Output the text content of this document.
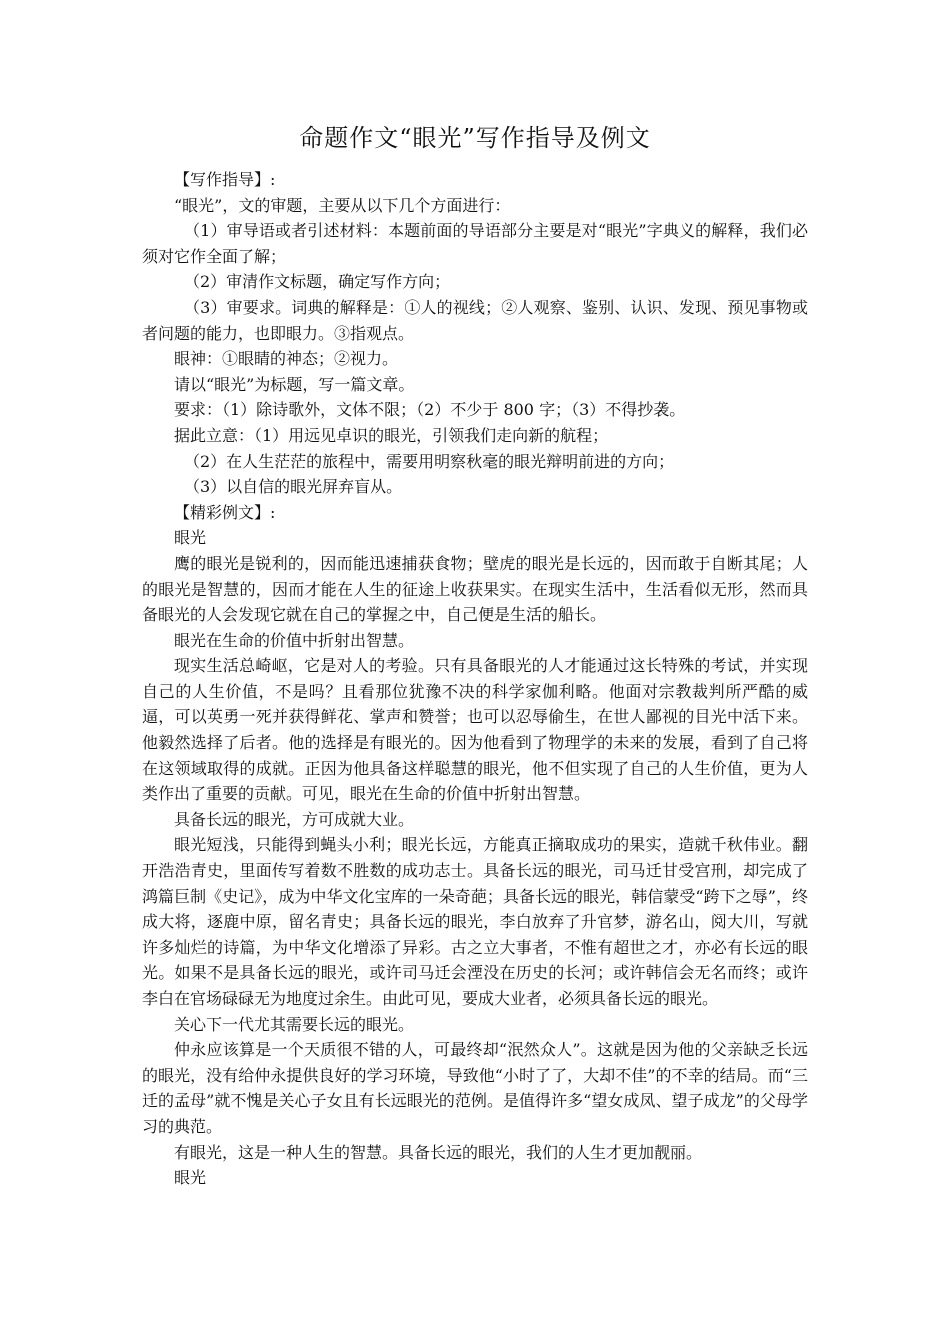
命题作文“眼光”写作指导及例文

【写作指导】:

“眼光”，文的审题，主要从以下几个方面进行：

（1）审导语或者引述材料：本题前面的导语部分主要是对“眼光”字典义的解释，我们必须对它作全面了解；

（2）审清作文标题，确定写作方向；

（3）审要求。词典的解释是：①人的视线；②人观察、鉴别、认识、发现、预见事物或者问题的能力，也即眼力。③指观点。

眼神：①眼睛的神态；②视力。

请以“眼光”为标题，写一篇文章。

要求：（1）除诗歌外，文体不限；（2）不少于 800 字；（3）不得抄袭。

据此立意：（1）用远见卓识的眼光，引领我们走向新的航程；

（2）在人生茫茫的旅程中，需要用明察秋毫的眼光辩明前进的方向；

（3）以自信的眼光屏弃盲从。

【精彩例文】:

眼光

鹰的眼光是锐利的，因而能迅速捕获食物；壁虎的眼光是长远的，因而敢于自断其尾；人的眼光是智慧的，因而才能在人生的征途上收获果实。在现实生活中，生活看似无形，然而具备眼光的人会发现它就在自己的掌握之中，自己便是生活的船长。

眼光在生命的价值中折射出智慧。

现实生活总崎岖，它是对人的考验。只有具备眼光的人才能通过这长特殊的考试，并实现自己的人生价值，不是吗？且看那位犹豫不决的科学家伽利略。他面对宗教裁判所严酷的威逼，可以英勇一死并获得鲜花、掌声和赞誉；也可以忍辱偷生，在世人鄙视的目光中活下来。他毅然选择了后者。他的选择是有眼光的。因为他看到了物理学的未来的发展，看到了自己将在这领域取得的成就。正因为他具备这样聪慧的眼光，他不但实现了自己的人生价值，更为人类作出了重要的贡献。可见，眼光在生命的价值中折射出智慧。

具备长远的眼光，方可成就大业。

眼光短浅，只能得到蝇头小利；眼光长远，方能真正摘取成功的果实，造就千秋伟业。翻开浩浩青史，里面传写着数不胜数的成功志士。具备长远的眼光，司马迁甘受宫刑，却完成了鸿篇巨制《史记》，成为中华文化宝库的一朵奇葩；具备长远的眼光，韩信蒙受“跨下之辱”，终成大将，逐鹿中原，留名青史；具备长远的眼光，李白放弃了升官梦，游名山，阅大川，写就许多灿烂的诗篇，为中华文化增添了异彩。古之立大事者，不惟有超世之才，亦必有长远的眼光。如果不是具备长远的眼光，或许司马迁会湮没在历史的长河；或许韩信会无名而终；或许李白在官场碌碌无为地度过余生。由此可见，要成大业者，必须具备长远的眼光。

关心下一代尤其需要长远的眼光。

仲永应该算是一个天质很不错的人，可最终却“泯然众人”。这就是因为他的父亲缺乏长远的眼光，没有给仲永提供良好的学习环境，导致他“小时了了，大却不佳”的不幸的结局。而“三迁的孟母”就不愧是关心子女且有长远眼光的范例。是值得许多“望女成凤、望子成龙”的父母学习的典范。

有眼光，这是一种人生的智慧。具备长远的眼光，我们的人生才更加靓丽。

眼光
